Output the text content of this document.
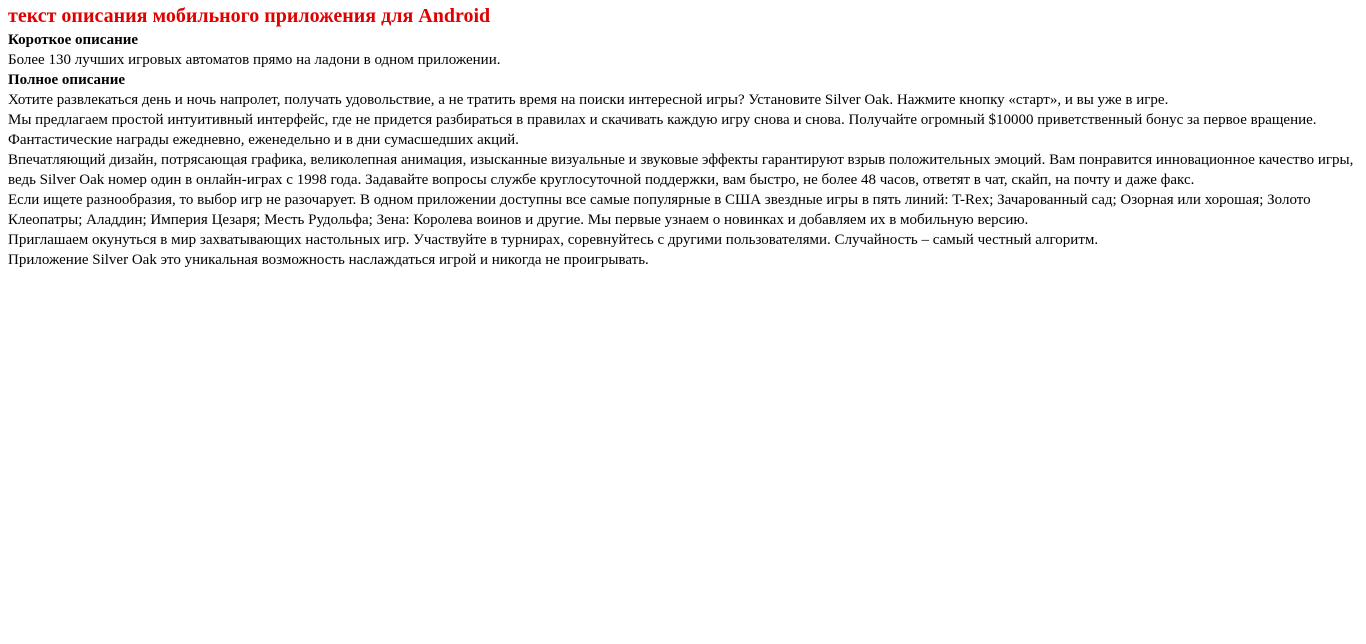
текст описания мобильного приложения для Android
Короткое описание
Более 130 лучших игровых автоматов прямо на ладони в одном приложении.
Полное описание
Хотите развлекаться день и ночь напролет, получать удовольствие, а не тратить время на поиски интересной игры? Установите Silver Oak. Нажмите кнопку «старт», и вы уже в игре.
Мы предлагаем простой интуитивный интерфейс, где не придется разбираться в правилах и скачивать каждую игру снова и снова. Получайте огромный $10000 приветственный бонус за первое вращение. Фантастические награды ежедневно, еженедельно и в дни сумасшедших акций.
Впечатляющий дизайн, потрясающая графика, великолепная анимация, изысканные визуальные и звуковые эффекты гарантируют взрыв положительных эмоций. Вам понравится инновационное качество игры, ведь Silver Oak номер один в онлайн-играх с 1998 года. Задавайте вопросы службе круглосуточной поддержки, вам быстро, не более 48 часов, ответят в чат, скайп, на почту и даже факс.
Если ищете разнообразия, то выбор игр не разочарует. В одном приложении доступны все самые популярные в США звездные игры в пять линий: T-Rex; Зачарованный сад; Озорная или хорошая; Золото Клеопатры; Аладдин; Империя Цезаря; Месть Рудольфа; Зена: Королева воинов и другие. Мы первые узнаем о новинках и добавляем их в мобильную версию.
Приглашаем окунуться в мир захватывающих настольных игр. Участвуйте в турнирах, соревнуйтесь с другими пользователями. Случайность – самый честный алгоритм.
Приложение Silver Oak это уникальная возможность наслаждаться игрой и никогда не проигрывать.
